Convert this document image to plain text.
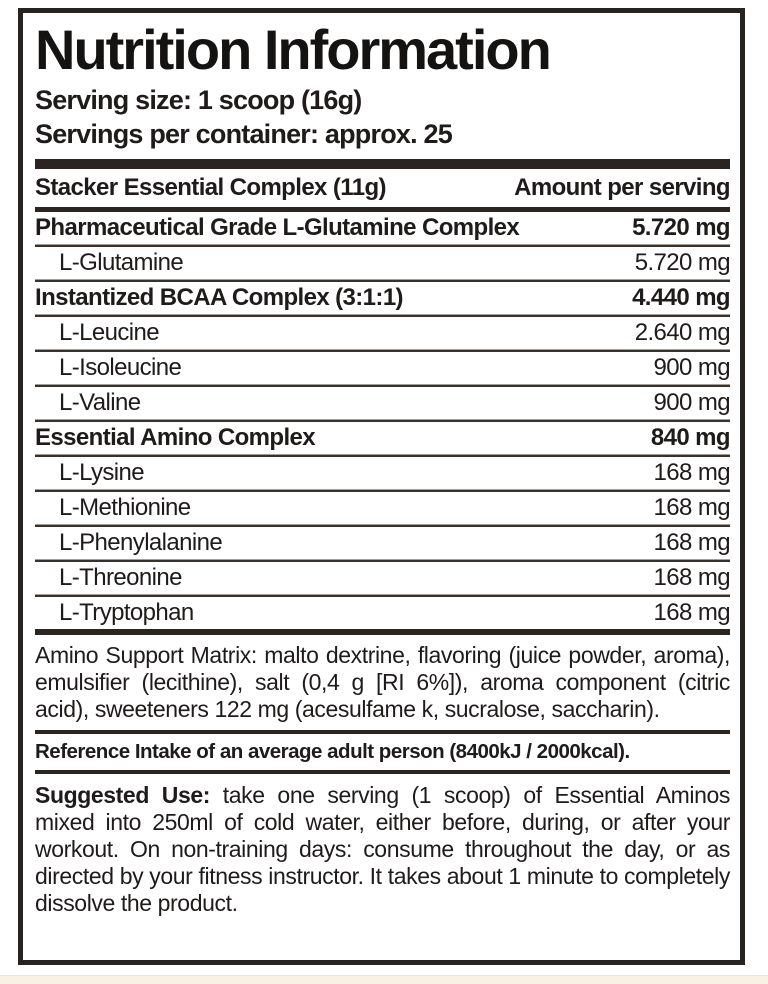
Nutrition Information
Serving size: 1 scoop (16g)
Servings per container: approx. 25
Stacker Essential Complex (11g)	Amount per serving
Pharmaceutical Grade L-Glutamine Complex	5.720 mg
L-Glutamine	5.720 mg
Instantized BCAA Complex (3:1:1)	4.440 mg
L-Leucine	2.640 mg
L-Isoleucine	900 mg
L-Valine	900 mg
Essential Amino Complex	840 mg
L-Lysine	168 mg
L-Methionine	168 mg
L-Phenylalanine	168 mg
L-Threonine	168 mg
L-Tryptophan	168 mg

Amino Support Matrix: malto dextrine, flavoring (juice powder, aroma), emulsifier (lecithine), salt (0,4 g [RI 6%]), aroma component (citric acid), sweeteners 122 mg (acesulfame k, sucralose, saccharin).

Reference Intake of an average adult person (8400kJ / 2000kcal).

Suggested Use: take one serving (1 scoop) of Essential Aminos mixed into 250ml of cold water, either before, during, or after your workout. On non-training days: consume throughout the day, or as directed by your fitness instructor. It takes about 1 minute to completely dissolve the product.
